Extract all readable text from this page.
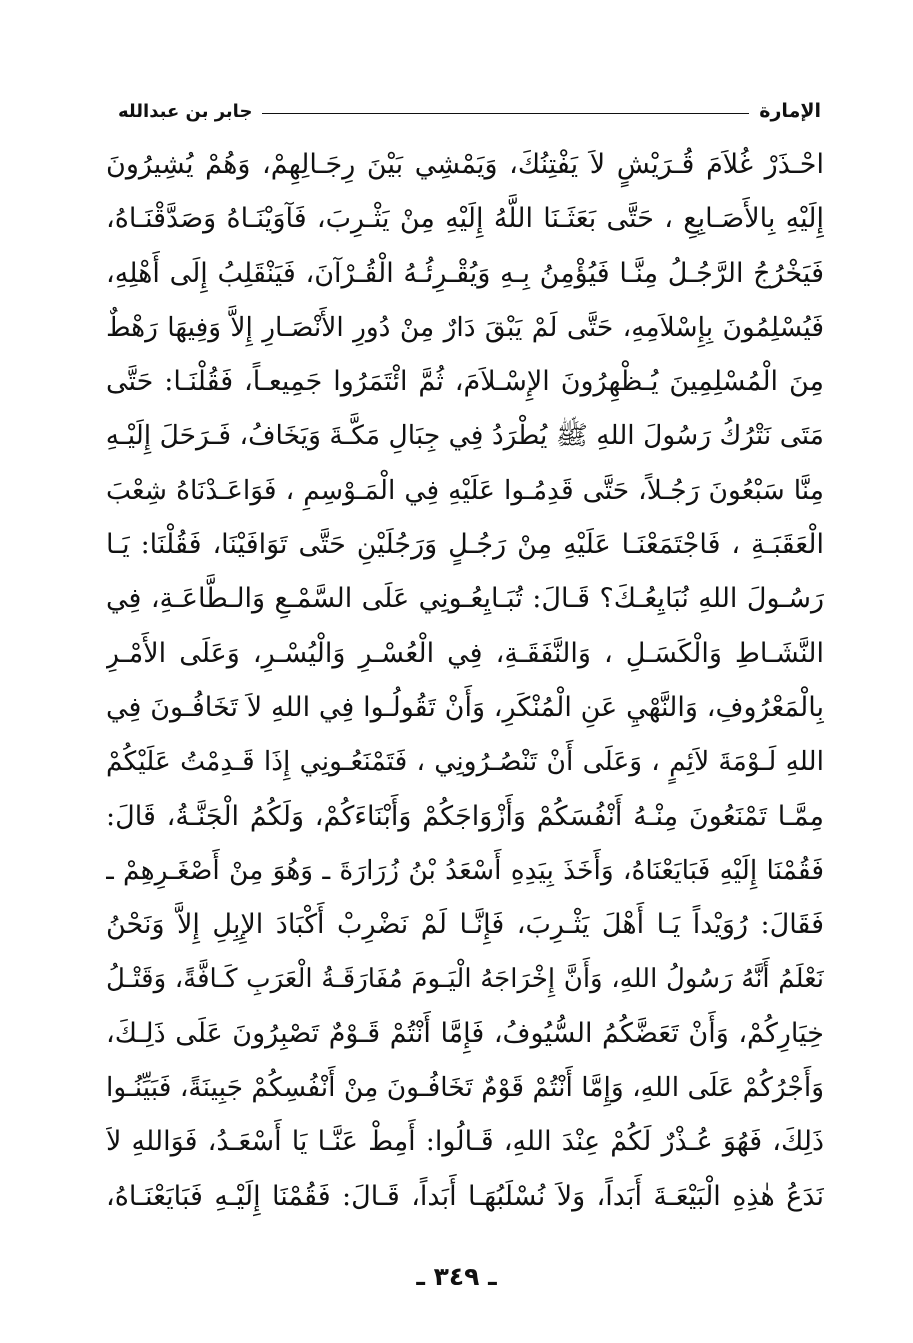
الإمارة
جابر بن عبدالله
احْـذَرْ غُلاَمَ قُـرَيْشٍ لاَ يَفْتِنُكَ، وَيَمْشِي بَيْنَ رِجَـالِهِمْ، وَهُمْ يُشِيرُونَ
إِلَيْهِ بِالأَصَـابِعِ ، حَتَّى بَعَثَـنَا اللَّهُ إِلَيْهِ مِنْ يَثْـرِبَ، فَآوَيْنَـاهُ وَصَدَّقْنَـاهُ،
فَيَخْرُجُ الرَّجُـلُ مِنَّـا فَيُؤْمِنُ بِـهِ وَيُقْـرِئُـهُ الْقُـرْآنَ، فَيَنْقَلِبُ إِلَى أَهْلِهِ،
فَيُسْلِمُونَ بِإِسْلاَمِهِ، حَتَّى لَمْ يَبْقَ دَارٌ مِنْ دُورِ الأَنْصَـارِ إِلاَّ وَفِيهَا رَهْطٌ
مِنَ الْمُسْلِمِينَ يُـظْهِرُونَ الإِسْـلاَمَ، ثُمَّ ائْتَمَرُوا جَمِيعـاً، فَقُلْنَـا: حَتَّى
مَتَى نَتْرُكُ رَسُولَ اللهِ ﷺ يُطْرَدُ فِي جِبَالِ مَكَّـةَ وَيَخَافُ، فَـرَحَلَ إِلَيْـهِ
مِنَّا سَبْعُونَ رَجُـلاً، حَتَّى قَدِمُـوا عَلَيْهِ فِي الْمَـوْسِمِ ، فَوَاعَـدْنَاهُ شِعْبَ
الْعَقَبَـةِ ، فَاجْتَمَعْنَـا عَلَيْهِ مِنْ رَجُـلٍ وَرَجُلَيْنِ حَتَّى تَوَافَيْنَا، فَقُلْنَا: يَـا
رَسُـولَ اللهِ نُبَايِعُـكَ؟ قَـالَ: تُبَـايِعُـونِي عَلَى السَّمْـعِ وَالـطَّاعَـةِ، فِي
النَّشَـاطِ وَالْكَسَـلِ ، وَالنَّفَقَـةِ، فِي الْعُسْـرِ وَالْيُسْـرِ، وَعَلَى الأَمْـرِ
بِالْمَعْرُوفِ، وَالنَّهْيِ عَنِ الْمُنْكَرِ، وَأَنْ تَقُولُـوا فِي اللهِ لاَ تَخَافُـونَ فِي
اللهِ لَـوْمَةَ لاَئِمٍ ، وَعَلَى أَنْ تَنْصُـرُونِي ، فَتَمْنَعُـونِي إِذَا قَـدِمْتُ عَلَيْكُمْ
مِمَّـا تَمْنَعُونَ مِنْـهُ أَنْفُسَكُمْ وَأَزْوَاجَكُمْ وَأَبْنَاءَكُمْ، وَلَكُمُ الْجَنَّـةُ، قَالَ:
فَقُمْنَا إِلَيْهِ فَبَايَعْنَاهُ، وَأَخَذَ بِيَدِهِ أَسْعَدُ بْنُ زُرَارَةَ ـ وَهُوَ مِنْ أَصْغَـرِهِمْ ـ
فَقَالَ: رُوَيْداً يَـا أَهْلَ يَثْـرِبَ، فَإِنَّـا لَمْ نَضْرِبْ أَكْبَادَ الإِبِلِ إِلاَّ وَنَحْنُ
نَعْلَمُ أَنَّهُ رَسُولُ اللهِ، وَأَنَّ إِخْرَاجَهُ الْيَـومَ مُفَارَقَـةُ الْعَرَبِ كَـافَّةً، وَقَتْـلُ
خِيَارِكُمْ، وَأَنْ تَعَضَّكُمُ السُّيُوفُ، فَإِمَّا أَنْتُمْ قَـوْمٌ تَصْبِرُونَ عَلَى ذَلِـكَ،
وَأَجْرُكُمْ عَلَى اللهِ، وَإِمَّا أَنْتُمْ قَوْمٌ تَخَافُـونَ مِنْ أَنْفُسِكُمْ جَبِينَةً، فَبَيِّنُـوا
ذَلِكَ، فَهُوَ عُـذْرٌ لَكُمْ عِنْدَ اللهِ، قَـالُوا: أَمِطْ عَنَّـا يَا أَسْعَـدُ، فَوَاللهِ لاَ
نَدَعُ هٰذِهِ الْبَيْعَـةَ أَبَداً، وَلاَ نُسْلَبُهَـا أَبَداً، قَـالَ: فَقُمْنَا إِلَيْـهِ فَبَايَعْنَـاهُ،
ـ ٣٤٩ ـ
